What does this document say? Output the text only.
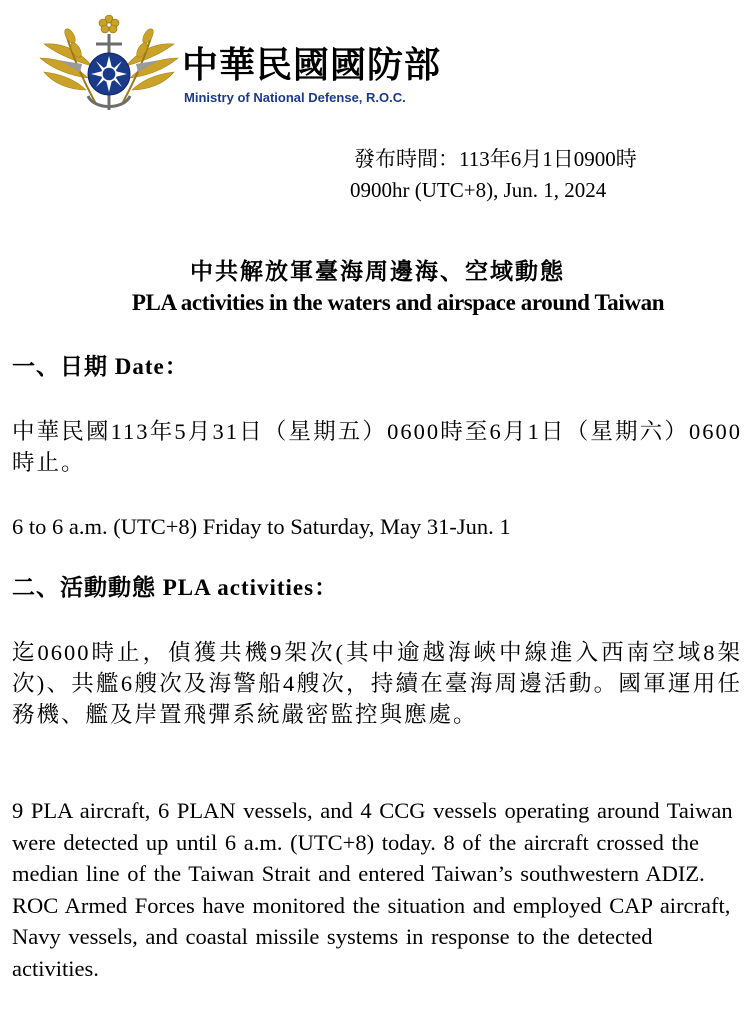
中華民國國防部
Ministry of National Defense, R.O.C.
發布時間：113年6月1日0900時
0900hr (UTC+8), Jun. 1, 2024
中共解放軍臺海周邊海、空域動態
PLA activities in the waters and airspace around Taiwan
一、日期 Date：

中華民國113年5月31日（星期五）0600時至6月1日（星期六）0600時止。

6 to 6 a.m. (UTC+8) Friday to Saturday, May 31-Jun. 1

二、活動動態 PLA activities：

迄0600時止，偵獲共機9架次(其中逾越海峽中線進入西南空域8架次)、共艦6艘次及海警船4艘次，持續在臺海周邊活動。國軍運用任務機、艦及岸置飛彈系統嚴密監控與應處。

9 PLA aircraft, 6 PLAN vessels, and 4 CCG vessels operating around Taiwan were detected up until 6 a.m. (UTC+8) today. 8 of the aircraft crossed the median line of the Taiwan Strait and entered Taiwan’s southwestern ADIZ. ROC Armed Forces have monitored the situation and employed CAP aircraft, Navy vessels, and coastal missile systems in response to the detected activities.
